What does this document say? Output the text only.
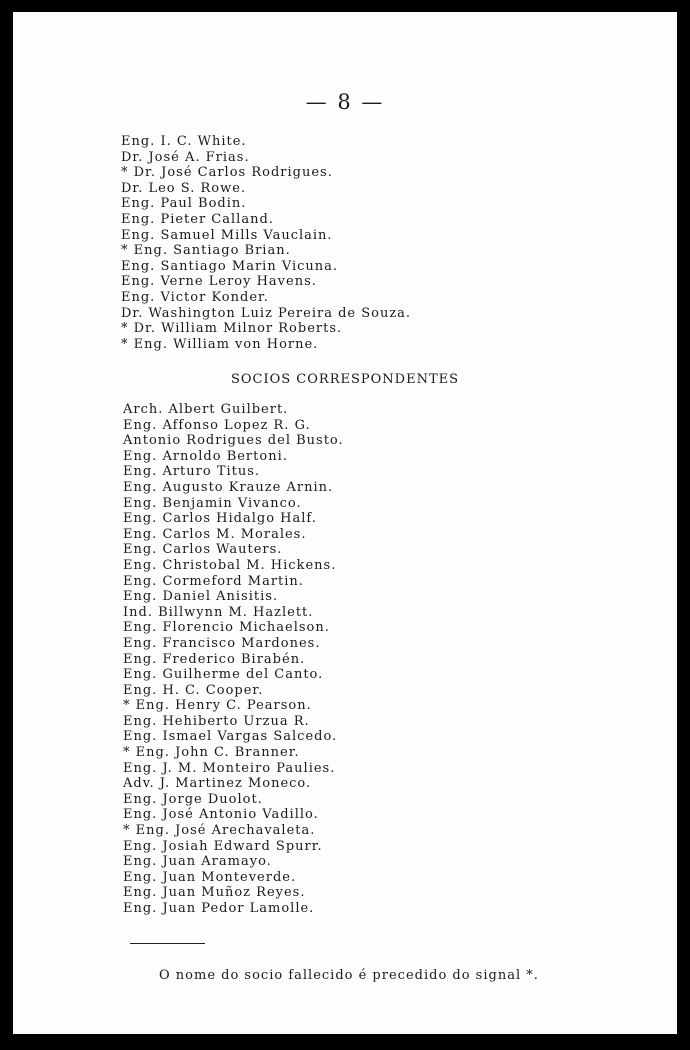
— 8 —
Eng. I. C. White.
Dr. José A. Frias.
* Dr. José Carlos Rodrigues.
Dr. Leo S. Rowe.
Eng. Paul Bodin.
Eng. Pieter Calland.
Eng. Samuel Mills Vauclain.
* Eng. Santiago Brian.
Eng. Santiago Marin Vicuna.
Eng. Verne Leroy Havens.
Eng. Victor Konder.
Dr. Washington Luiz Pereira de Souza.
* Dr. William Milnor Roberts.
* Eng. William von Horne.
SOCIOS CORRESPONDENTES
Arch. Albert Guilbert.
Eng. Affonso Lopez R. G.
Antonio Rodrigues del Busto.
Eng. Arnoldo Bertoni.
Eng. Arturo Titus.
Eng. Augusto Krauze Arnin.
Eng. Benjamin Vivanco.
Eng. Carlos Hidalgo Half.
Eng. Carlos M. Morales.
Eng. Carlos Wauters.
Eng. Christobal M. Hickens.
Eng. Cormeford Martin.
Eng. Daniel Anisitis.
Ind. Billwynn M. Hazlett.
Eng. Florencio Michaelson.
Eng. Francisco Mardones.
Eng. Frederico Birabén.
Eng. Guilherme del Canto.
Eng. H. C. Cooper.
* Eng. Henry C. Pearson.
Eng. Hehiberto Urzua R.
Eng. Ismael Vargas Salcedo.
* Eng. John C. Branner.
Eng. J. M. Monteiro Paulies.
Adv. J. Martinez Moneco.
Eng. Jorge Duolot.
Eng. José Antonio Vadillo.
* Eng. José Arechavaleta.
Eng. Josiah Edward Spurr.
Eng. Juan Aramayo.
Eng. Juan Monteverde.
Eng. Juan Muñoz Reyes.
Eng. Juan Pedor Lamolle.

O nome do socio fallecido é precedido do signal *.
